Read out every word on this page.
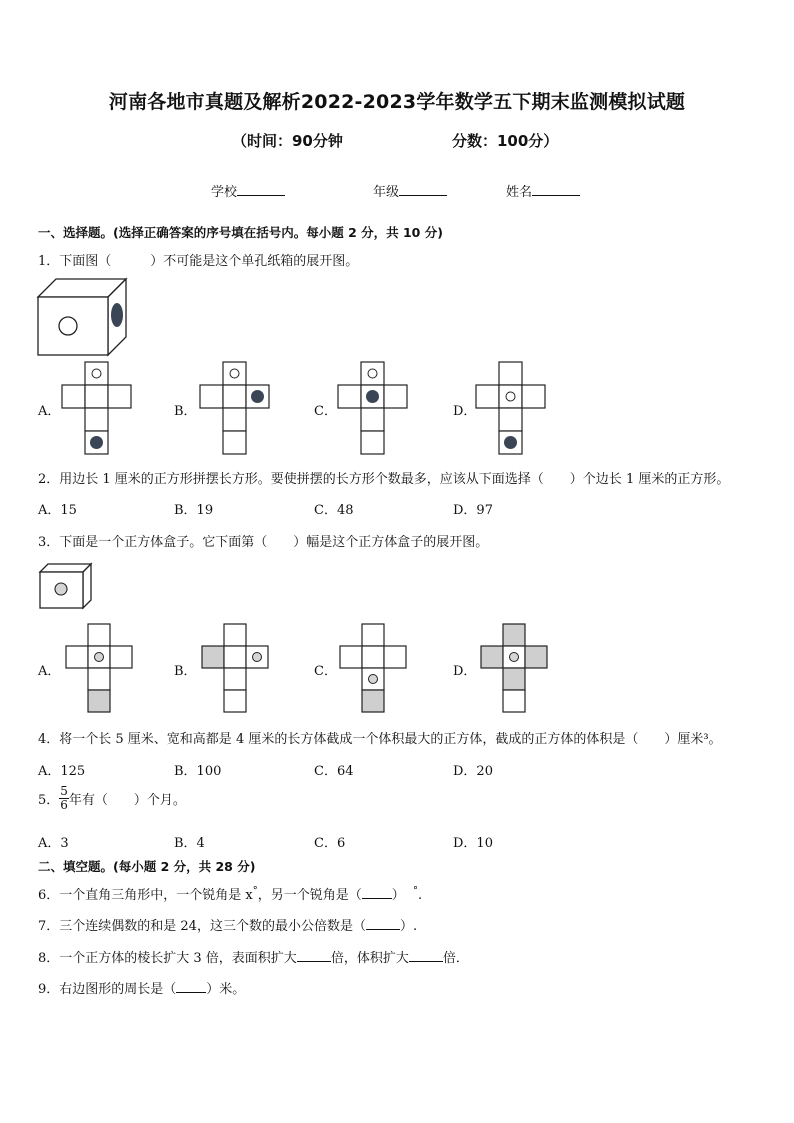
河南各地市真题及解析2022-2023学年数学五下期末监测模拟试题
（时间：90分钟	分数：100分）
学校	年级	姓名
一、选择题。(选择正确答案的序号填在括号内。每小题 2 分，共 10 分)
1．下面图（　　　）不可能是这个单孔纸箱的展开图。
A．	B．	C．	D．
2．用边长 1 厘米的正方形拼摆长方形。要使拼摆的长方形个数最多，应该从下面选择（　　）个边长 1 厘米的正方形。
A．15	B．19	C．48	D．97
3．下面是一个正方体盒子。它下面第（　　）幅是这个正方体盒子的展开图。
A．	B．	C．	D．
4．将一个长 5 厘米、宽和高都是 4 厘米的长方体截成一个体积最大的正方体，截成的正方体的体积是（　　）厘米³。
A．125	B．100	C．64	D．20
5． $\frac{5}{6}$ 年有（　　）个月。
A．3	B．4	C．6	D．10
二、填空题。(每小题 2 分，共 28 分)
6．一个直角三角形中，一个锐角是 x°，另一个锐角是（ ） °.
7．三个连续偶数的和是 24，这三个数的最小公倍数是（	）.
8．一个正方体的棱长扩大 3 倍，表面积扩大	倍，体积扩大	倍．
9．右边图形的周长是（ ）米。
